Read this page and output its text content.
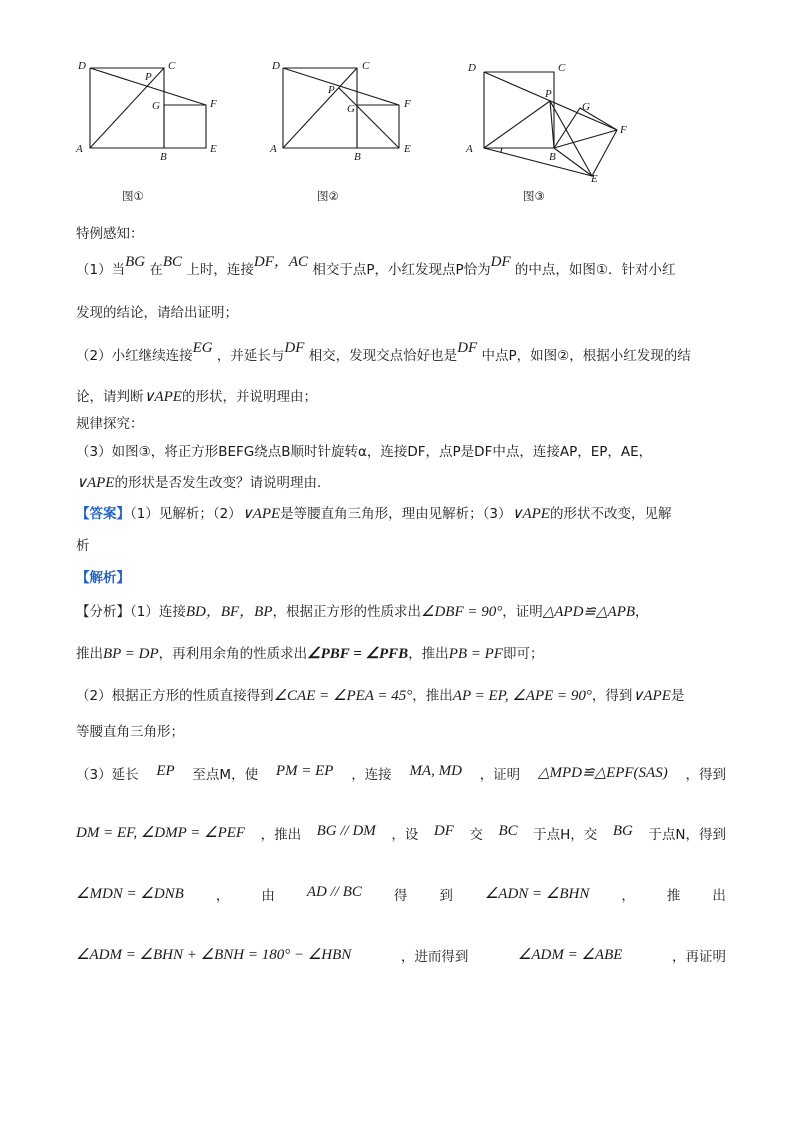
D	C
P
G	F
A
B
E
图①
D	C
P
G	F
A
B
E
图②
D	C
P
G
F
A
B
E
图③
特例感知：
（1）当BG 在BC 上时，连接DF，AC 相交于点P，小红发现点P恰为DF 的中点，如图①．针对小红
发现的结论，请给出证明；
（2）小红继续连接EG ，并延长与DF 相交，发现交点恰好也是DF 中点P，如图②，根据小红发现的结
论，请判断∨APE的形状，并说明理由；
规律探究：
（3）如图③，将正方形BEFG绕点B顺时针旋转α，连接DF，点P是DF中点，连接AP，EP，AE，
∨APE的形状是否发生改变？请说明理由．
【答案】（1）见解析；（2）∨APE是等腰直角三角形，理由见解析；（3）∨APE的形状不改变，见解
析
【解析】
【分析】（1）连接BD，BF，BP，根据正方形的性质求出∠DBF = 90°，证明△APD≌△APB，
推出BP = DP，再利用余角的性质求出∠PBF = ∠PFB，推出PB = PF即可；
（2）根据正方形的性质直接得到∠CAE = ∠PEA = 45°，推出AP = EP, ∠APE = 90°，得到∨APE是
等腰直角三角形；
（3）延长 EP 至点M，使 PM = EP ，连接 MA, MD ，证明 △MPD≌△EPF(SAS) ，得到
DM = EF, ∠DMP = ∠PEF ，推出 BG // DM ，设 DF 交 BC 于点H，交 BG 于点N，得到
∠MDN = ∠DNB ， 由 AD // BC 得 到 ∠ADN = ∠BHN ， 推 出
∠ADM = ∠BHN + ∠BNH = 180° − ∠HBN	，进而得到	∠ADM = ∠ABE	，再证明
